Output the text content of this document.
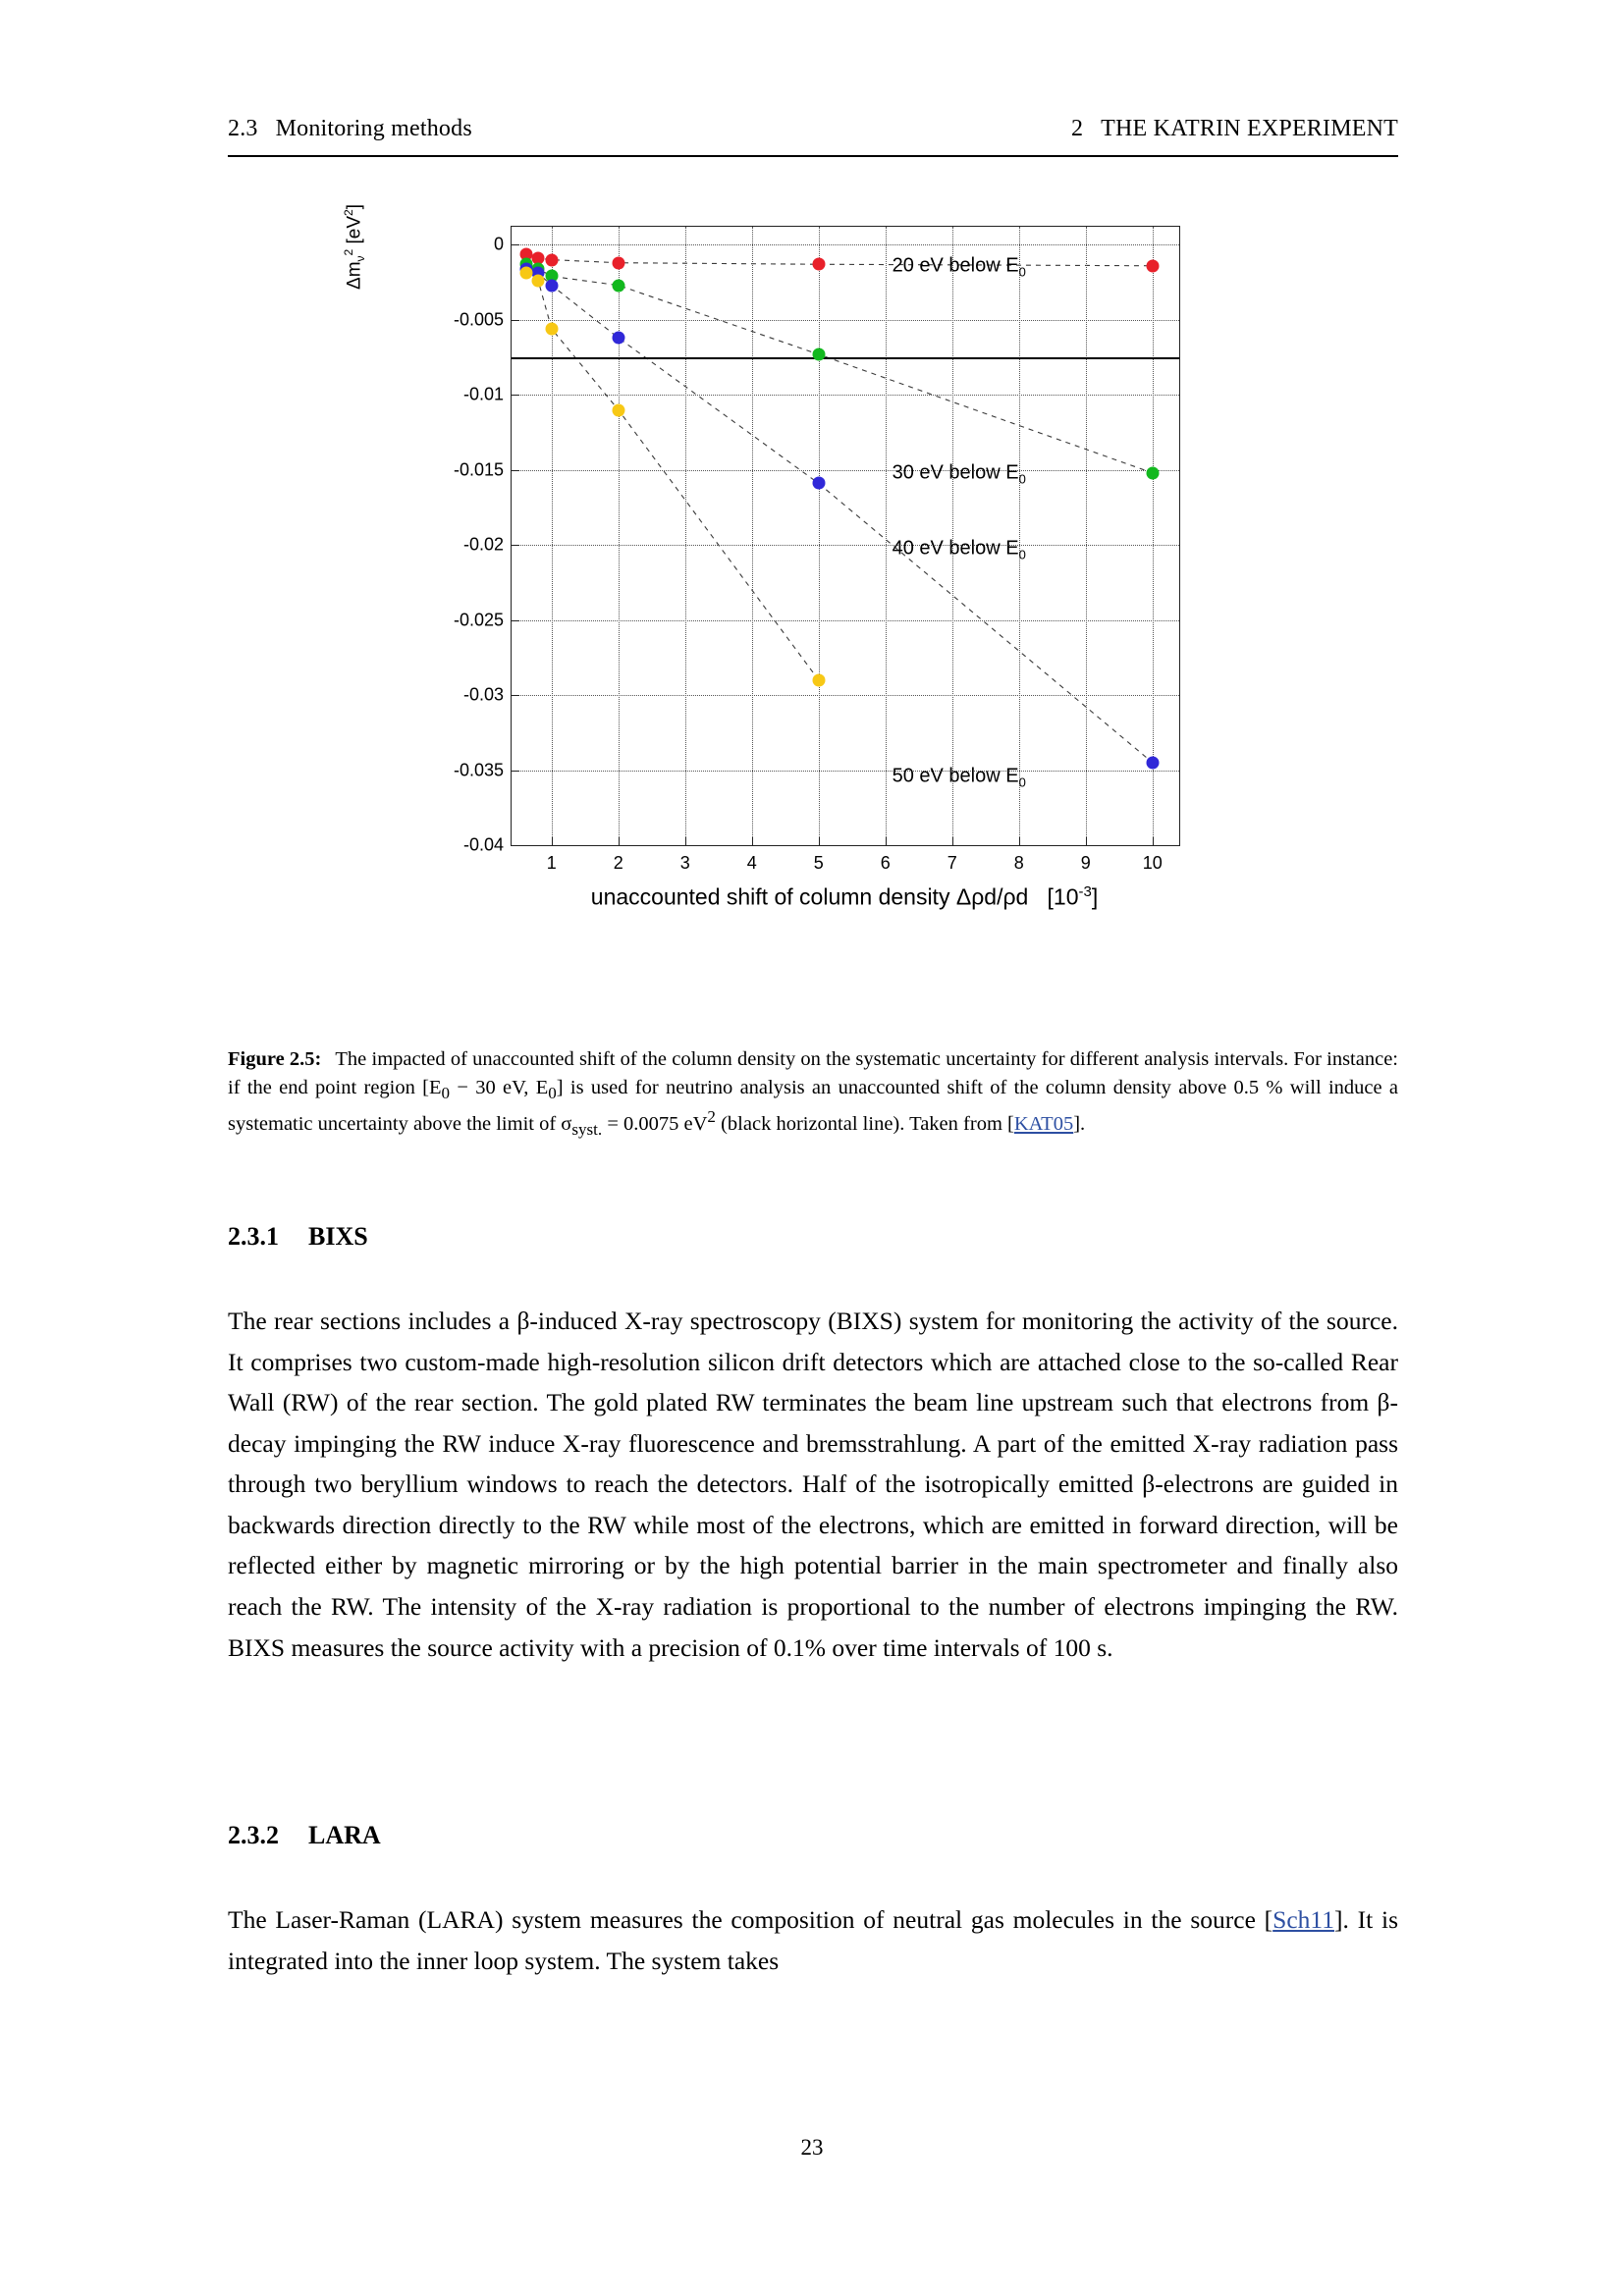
2.3 Monitoring methods	2 THE KATRIN EXPERIMENT
$\Delta m_\nu^2$ $[eV^2]$
1	2	3	4	5	6	7	8	9	10
0
-0.005
-0.01
-0.015
-0.02
-0.025
-0.03
-0.035
-0.04
20 eV below $E_0$
30 eV below $E_0$
40 eV below $E_0$
50 eV below $E_0$
unaccounted shift of column density Δρd/ρd   $[10^{-3}]$
Figure 2.5: The impacted of unaccounted shift of the column density on the systematic uncertainty for different analysis intervals. For instance: if the end point region [$E_0 - 30$ eV, $E_0$] is used for neutrino analysis an unaccounted shift of the column density above 0.5 % will induce a systematic uncertainty above the limit of $\sigma_{syst.} = 0.0075$ $eV^2$ (black horizontal line). Taken from [KAT05].
2.3.1 BIXS
The rear sections includes a β-induced X-ray spectroscopy (BIXS) system for monitoring the activity of the source. It comprises two custom-made high-resolution silicon drift detectors which are attached close to the so-called Rear Wall (RW) of the rear section. The gold plated RW terminates the beam line upstream such that electrons from β-decay impinging the RW induce X-ray fluorescence and bremsstrahlung. A part of the emitted X-ray radiation pass through two beryllium windows to reach the detectors. Half of the isotropically emitted β-electrons are guided in backwards direction directly to the RW while most of the electrons, which are emitted in forward direction, will be reflected either by magnetic mirroring or by the high potential barrier in the main spectrometer and finally also reach the RW. The intensity of the X-ray radiation is proportional to the number of electrons impinging the RW. BIXS measures the source activity with a precision of 0.1% over time intervals of 100 s.
2.3.2 LARA
The Laser-Raman (LARA) system measures the composition of neutral gas molecules in the source [Sch11]. It is integrated into the inner loop system. The system takes
23
